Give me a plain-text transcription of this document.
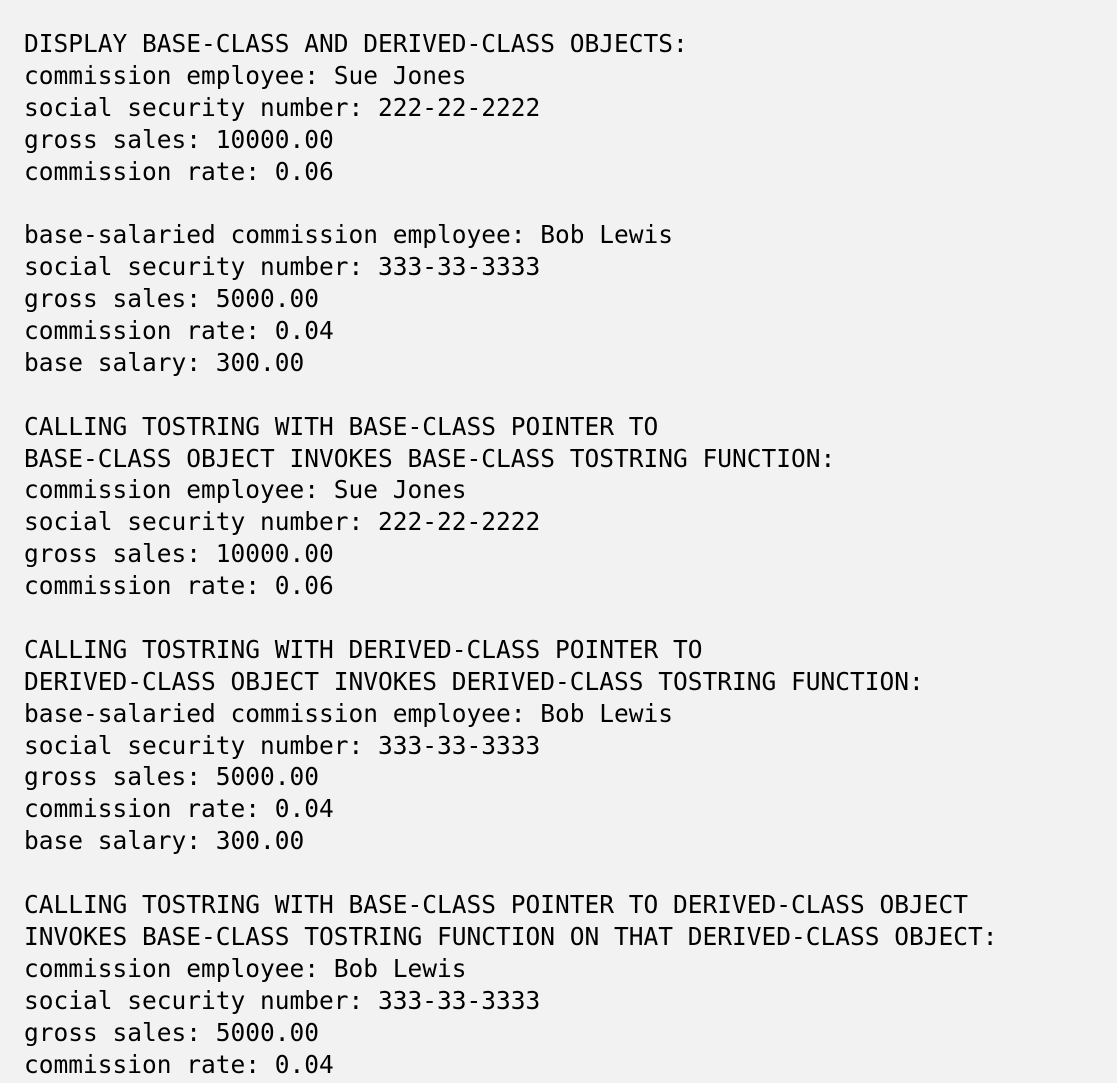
DISPLAY BASE-CLASS AND DERIVED-CLASS OBJECTS:
commission employee: Sue Jones
social security number: 222-22-2222
gross sales: 10000.00
commission rate: 0.06
base-salaried commission employee: Bob Lewis
social security number: 333-33-3333
gross sales: 5000.00
commission rate: 0.04
base salary: 300.00
CALLING TOSTRING WITH BASE-CLASS POINTER TO
BASE-CLASS OBJECT INVOKES BASE-CLASS TOSTRING FUNCTION:
commission employee: Sue Jones
social security number: 222-22-2222
gross sales: 10000.00
commission rate: 0.06
CALLING TOSTRING WITH DERIVED-CLASS POINTER TO
DERIVED-CLASS OBJECT INVOKES DERIVED-CLASS TOSTRING FUNCTION:
base-salaried commission employee: Bob Lewis
social security number: 333-33-3333
gross sales: 5000.00
commission rate: 0.04
base salary: 300.00
CALLING TOSTRING WITH BASE-CLASS POINTER TO DERIVED-CLASS OBJECT
INVOKES BASE-CLASS TOSTRING FUNCTION ON THAT DERIVED-CLASS OBJECT:
commission employee: Bob Lewis
social security number: 333-33-3333
gross sales: 5000.00
commission rate: 0.04
